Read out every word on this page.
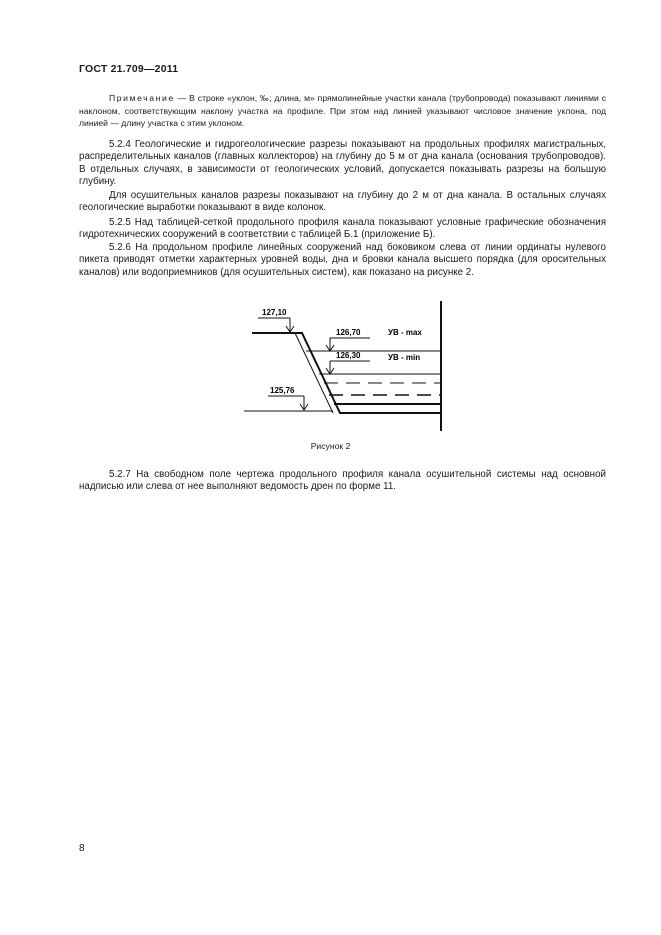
ГОСТ 21.709—2011
Примечание — В строке «уклон, ‰; длина, м» прямолинейные участки канала (трубопровода) показывают линиями с наклоном, соответствующим наклону участка на профиле. При этом над линией указывают числовое значение уклона, под линией — длину участка с этим уклоном.

5.2.4 Геологические и гидрогеологические разрезы показывают на продольных профилях магистральных, распределительных каналов (главных коллекторов) на глубину до 5 м от дна канала (основания трубопроводов). В отдельных случаях, в зависимости от геологических условий, допускается показывать разрезы на большую глубину.

Для осушительных каналов разрезы показывают на глубину до 2 м от дна канала. В остальных случаях геологические выработки показывают в виде колонок.

5.2.5 Над таблицей-сеткой продольного профиля канала показывают условные графические обозначения гидротехнических сооружений в соответствии с таблицей Б.1 (приложение Б).

5.2.6 На продольном профиле линейных сооружений над боковиком слева от линии ординаты нулевого пикета приводят отметки характерных уровней воды, дна и бровки канала высшего порядка (для оросительных каналов) или водоприемников (для осушительных систем), как показано на рисунке 2.

127,10
126,70	УВ - max
126,30	УВ - min
125,76
Рисунок 2

5.2.7 На свободном поле чертежа продольного профиля канала осушительной системы над основной надписью или слева от нее выполняют ведомость дрен по форме 11.

8
